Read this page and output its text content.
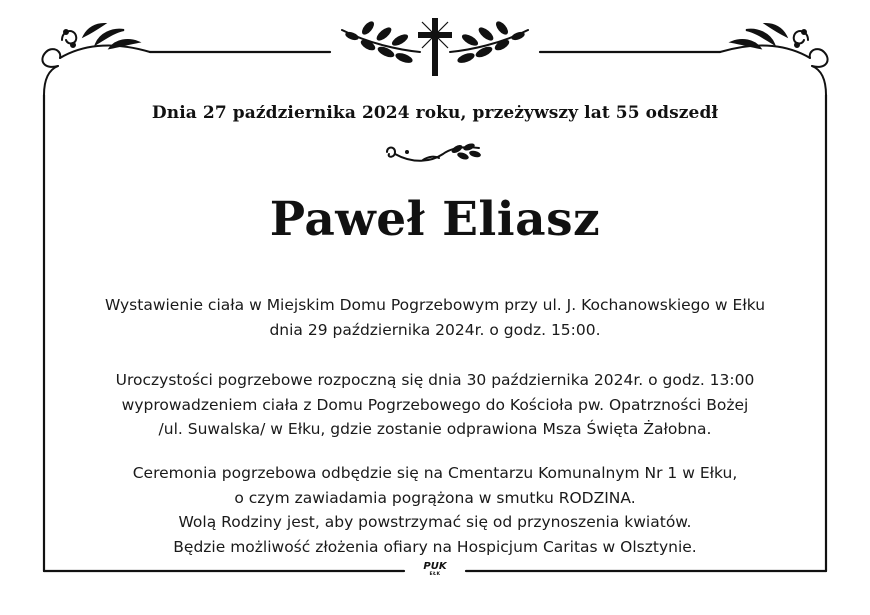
Dnia 27 października 2024 roku, przeżywszy lat 55 odszedł
Paweł Eliasz
Wystawienie ciała w Miejskim Domu Pogrzebowym przy ul. J. Kochanowskiego w Ełku
dnia 29 października 2024r. o godz. 15:00.
Uroczystości pogrzebowe rozpoczną się dnia 30 października 2024r. o godz. 13:00
wyprowadzeniem ciała z Domu Pogrzebowego do Kościoła pw. Opatrzności Bożej
/ul. Suwalska/ w Ełku, gdzie zostanie odprawiona Msza Święta Żałobna.
Ceremonia pogrzebowa odbędzie się na Cmentarzu Komunalnym Nr 1 w Ełku,
o czym zawiadamia pogrążona w smutku RODZINA.
Wolą Rodziny jest, aby powstrzymać się od przynoszenia kwiatów.
Będzie możliwość złożenia ofiary na Hospicjum Caritas w Olsztynie.
PUK
EŁK
